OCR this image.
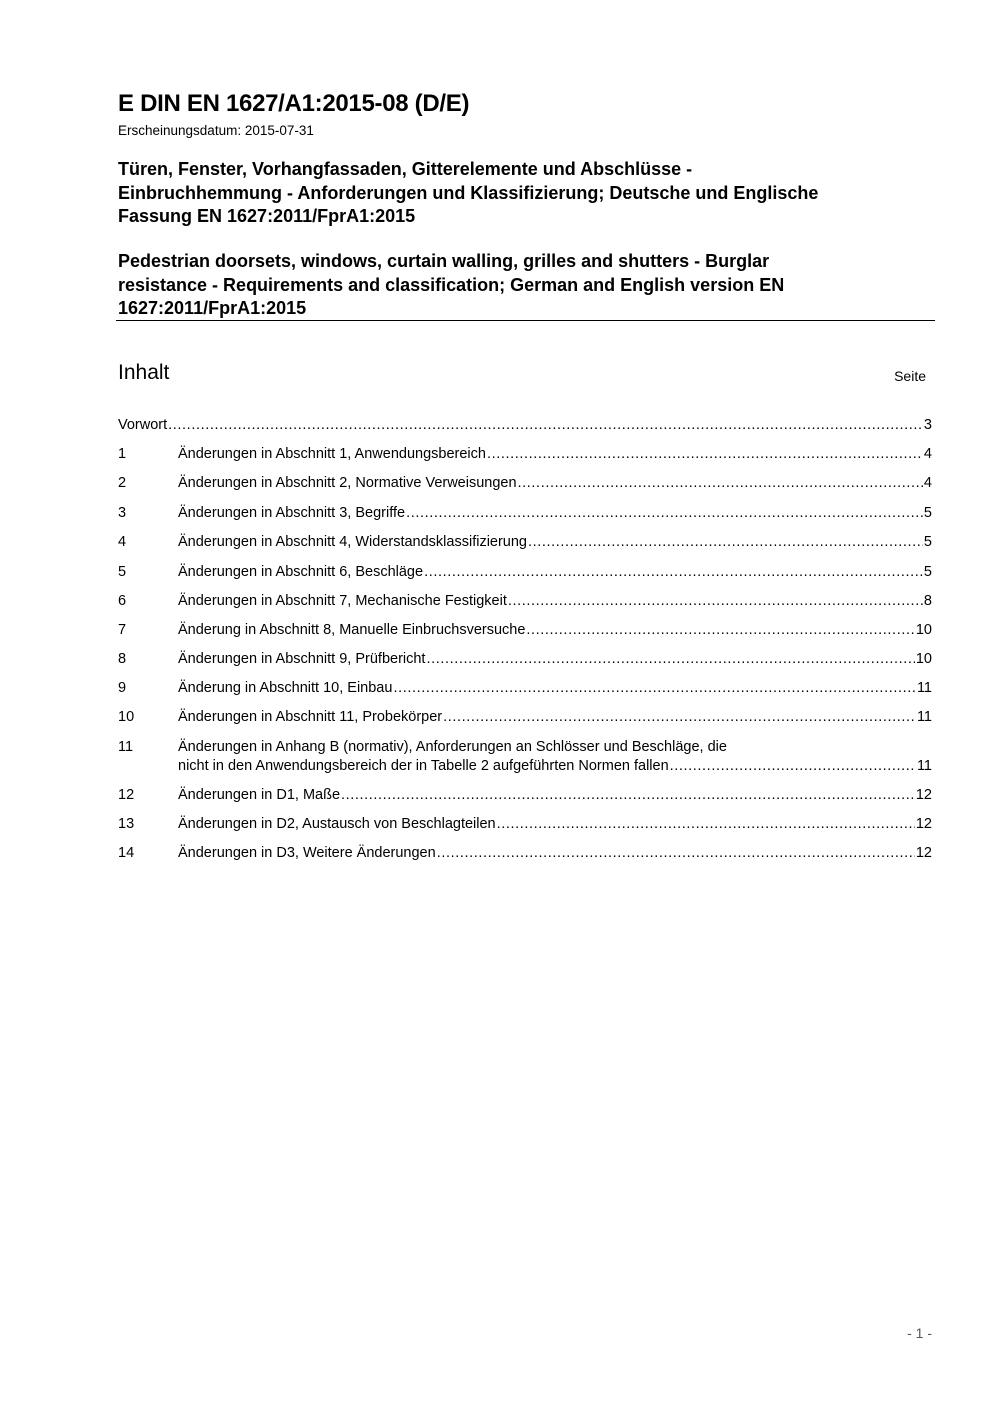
E DIN EN 1627/A1:2015-08 (D/E)
Erscheinungsdatum: 2015-07-31
Türen, Fenster, Vorhangfassaden, Gitterelemente und Abschlüsse -
Einbruchhemmung - Anforderungen und Klassifizierung; Deutsche und Englische
Fassung EN 1627:2011/FprA1:2015
Pedestrian doorsets, windows, curtain walling, grilles and shutters - Burglar
resistance - Requirements and classification; German and English version EN
1627:2011/FprA1:2015
Inhalt	Seite
Vorwort .....	3
1	Änderungen in Abschnitt 1, Anwendungsbereich .....	4
2	Änderungen in Abschnitt 2, Normative Verweisungen .....	4
3	Änderungen in Abschnitt 3, Begriffe .....	5
4	Änderungen in Abschnitt 4, Widerstandsklassifizierung .....	5
5	Änderungen in Abschnitt 6, Beschläge .....	5
6	Änderungen in Abschnitt 7, Mechanische Festigkeit .....	8
7	Änderung in Abschnitt 8, Manuelle Einbruchsversuche .....	10
8	Änderungen in Abschnitt 9, Prüfbericht .....	10
9	Änderung in Abschnitt 10, Einbau .....	11
10	Änderungen in Abschnitt 11, Probekörper .....	11
11	Änderungen in Anhang B (normativ), Anforderungen an Schlösser und Beschläge, die
nicht in den Anwendungsbereich der in Tabelle 2 aufgeführten Normen fallen .....	11
12	Änderungen in D1, Maße .....	12
13	Änderungen in D2, Austausch von Beschlagteilen .....	12
14	Änderungen in D3, Weitere Änderungen .....	12
- 1 -
